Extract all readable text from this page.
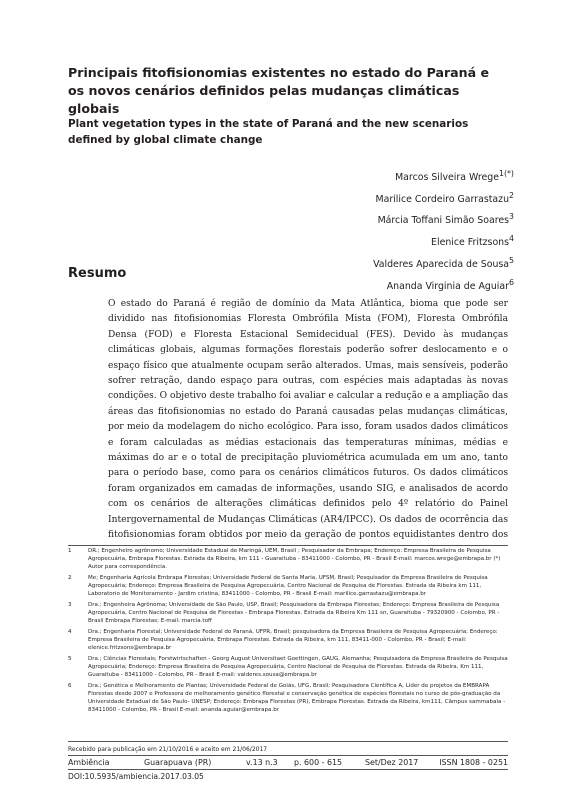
Principais fitofisionomias existentes no estado do Paraná e os novos cenários definidos pelas mudanças climáticas globais
Plant vegetation types in the state of Paraná and the new scenarios defined by global climate change
Marcos Silveira Wrege$^{1(*)}$
Marilice Cordeiro Garrastazu$^2$
Márcia Toffani Simão Soares$^3$
Elenice Fritzsons$^4$
Valderes Aparecida de Sousa$^5$
Ananda Virginia de Aguiar$^6$
Resumo

O estado do Paraná é região de domínio da Mata Atlântica, bioma que pode ser dividido nas fitofisionomias Floresta Ombrófila Mista (FOM), Floresta Ombrófila Densa (FOD) e Floresta Estacional Semidecidual (FES). Devido às mudanças climáticas globais, algumas formações florestais poderão sofrer deslocamento e o espaço físico que atualmente ocupam serão alterados. Umas, mais sensíveis, poderão sofrer retração, dando espaço para outras, com espécies mais adaptadas às novas condições. O objetivo deste trabalho foi avaliar e calcular a redução e a ampliação das áreas das fitofisionomias no estado do Paraná causadas pelas mudanças climáticas, por meio da modelagem do nicho ecológico. Para isso, foram usados dados climáticos e foram calculadas as médias estacionais das temperaturas mínimas, médias e máximas do ar e o total de precipitação pluviométrica acumulada em um ano, tanto para o período base, como para os cenários climáticos futuros. Os dados climáticos foram organizados em camadas de informações, usando SIG, e analisados de acordo com os cenários de alterações climáticas definidos pelo 4º relatório do Painel Intergovernamental de Mudanças Climáticas (AR4/IPCC). Os dados de ocorrência das fitofisionomias foram obtidos por meio da geração de pontos equidistantes dentro dos

1	DR.; Engenheiro agrônomo; Universidade Estadual de Maringá, UEM, Brasil ; Pesquisador da Embrapa; Endereço: Empresa Brasileira de Pesquisa Agropecuária, Embrapa Florestas. Estrada da Ribeira, km 111 - Guaraituba - 83411000 - Colombo, PR - Brasil E-mail: marcos.wrege@embrapa.br (*) Autor para correspondência.
2	Me; Engenharia Agrícola Embrapa Florestas; Universidade Federal de Santa Maria, UFSM, Brasil; Pesquisador da Empresa Brasileira de Pesquisa Agropecuária; Endereço: Empresa Brasileira de Pesquisa Agropecuária, Centro Nacional de Pesquisa de Florestas. Estrada da Ribeira km 111, Laboratorio de Monitoramento - Jardim cristina, 83411000 - Colombo, PR - Brasil E-mail: marilice.garrastazu@embrapa.br
3	Dra.; Engenheira Agrônoma; Universidade de São Paulo, USP, Brasil; Pesquisadora da Embrapa Florestas; Endereço: Empresa Brasileira de Pesquisa Agropecuária, Centro Nacional de Pesquisa de Florestas - Embrapa Florestas. Estrada da Ribeira Km 111 sn, Guaraituba - 79320900 - Colombo, PR - Brasil Embrapa Florestas; E-mail: marcia.toff
4	Dra.; Engenharia Florestal; Universidade Federal do Paraná, UFPR, Brasil; pesquisadora da Empresa Brasileira de Pesquisa Agropecuária; Endereço: Empresa Brasileira de Pesquisa Agropecuária, Embrapa Florestas. Estrada da Ribeira, km 111, 83411-000 - Colombo, PR - Brasil; E-mail: elenice.fritzsons@embrapa.br
5	Dra.; Ciências Florestais; Forstwirtschaften - Georg August Universitaet Goettingen, GAUG, Alemanha; Pesquisadora da Empresa Brasileira de Pesquisa Agropecuária; Endereço: Empresa Brasileira de Pesquisa Agropecuária, Centro Nacional de Pesquisa de Florestas. Estrada da Ribeira, Km 111, Guaraituba - 83411000 - Colombo, PR - Brasil E-mail: valderes.sousa@embrapa.br
6	Dra.; Genética e Melhoramento de Plantas; Universidade Federal de Goiás, UFG, Brasil; Pesquisadora Científica A, Líder de projetos da EMBRAPA Florestas desde 2007 e Professora de melhoramento genético florestal e conservação genética de espécies florestais no curso de pós-graduação da Universidade Estadual de São Paulo- UNESP; Endereço: Embrapa Florestas (PR), Embrapa Florestas. Estrada da Ribeira, km111, Câmpus sammabaia - 83411000 - Colombo, PR - Brasil E-mail: ananda.aguiar@embrapa.br
Recebido para publicação em 21/10/2016 e aceito em 21/06/2017
Ambiência	Guarapuava (PR)	v.13 n.3 p. 600 - 615	Set/Dez 2017	ISSN 1808 - 0251
DOI:10.5935/ambiencia.2017.03.05
